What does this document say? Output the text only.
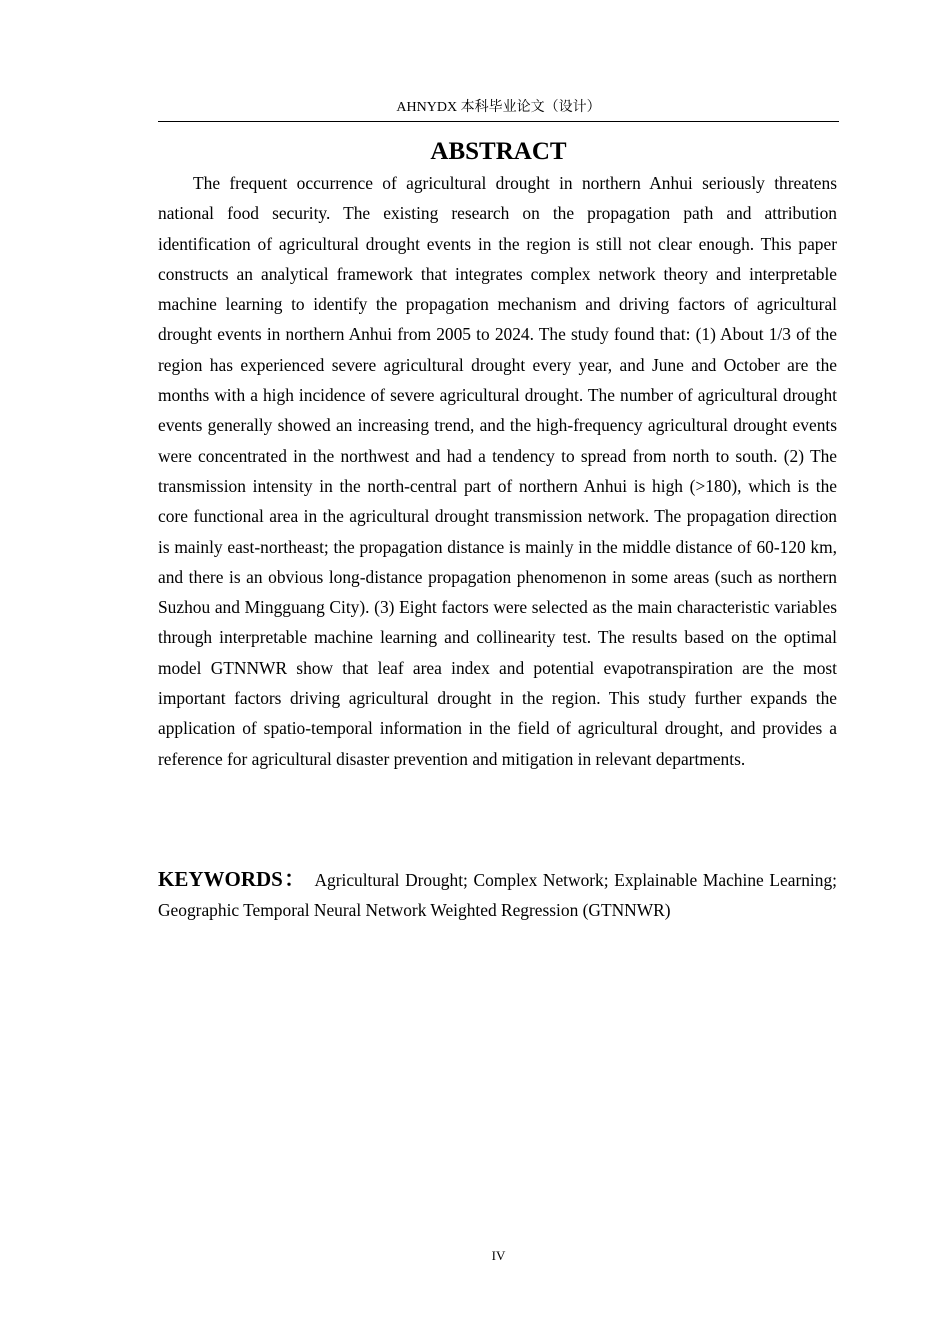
AHNYDX 本科毕业论文（设计）
ABSTRACT

The frequent occurrence of agricultural drought in northern Anhui seriously threatens national food security. The existing research on the propagation path and attribution identification of agricultural drought events in the region is still not clear enough. This paper constructs an analytical framework that integrates complex network theory and interpretable machine learning to identify the propagation mechanism and driving factors of agricultural drought events in northern Anhui from 2005 to 2024. The study found that: (1) About 1/3 of the region has experienced severe agricultural drought every year, and June and October are the months with a high incidence of severe agricultural drought. The number of agricultural drought events generally showed an increasing trend, and the high-frequency agricultural drought events were concentrated in the northwest and had a tendency to spread from north to south. (2) The transmission intensity in the north-central part of northern Anhui is high (>180), which is the core functional area in the agricultural drought transmission network. The propagation direction is mainly east-northeast; the propagation distance is mainly in the middle distance of 60-120 km, and there is an obvious long-distance propagation phenomenon in some areas (such as northern Suzhou and Mingguang City). (3) Eight factors were selected as the main characteristic variables through interpretable machine learning and collinearity test. The results based on the optimal model GTNNWR show that leaf area index and potential evapotranspiration are the most important factors driving agricultural drought in the region. This study further expands the application of spatio-temporal information in the field of agricultural drought, and provides a reference for agricultural disaster prevention and mitigation in relevant departments.

KEYWORDS： Agricultural Drought; Complex Network; Explainable Machine Learning; Geographic Temporal Neural Network Weighted Regression (GTNNWR)

IV
